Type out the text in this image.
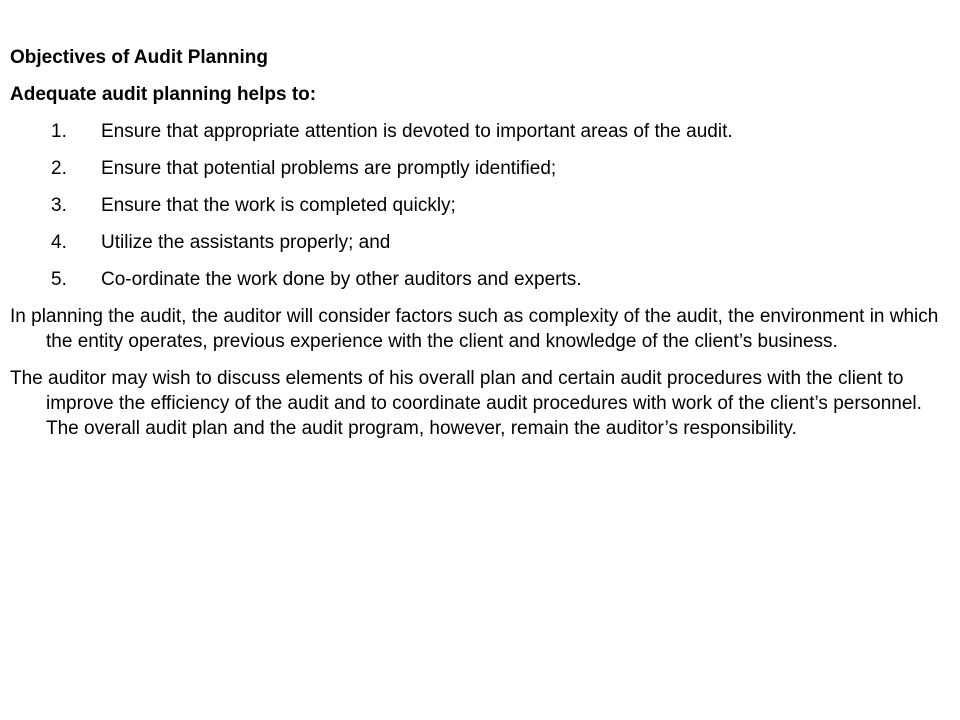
Objectives of Audit Planning
Adequate audit planning helps to:
1. Ensure that appropriate attention is devoted to important areas of the audit.
2. Ensure that potential problems are promptly identified;
3. Ensure that the work is completed quickly;
4. Utilize the assistants properly; and
5. Co-ordinate the work done by other auditors and experts.

In planning the audit, the auditor will consider factors such as complexity of the audit, the environment in which the entity operates, previous experience with the client and knowledge of the client’s business.

The auditor may wish to discuss elements of his overall plan and certain audit procedures with the client to improve the efficiency of the audit and to coordinate audit procedures with work of the client’s personnel. The overall audit plan and the audit program, however, remain the auditor’s responsibility.
